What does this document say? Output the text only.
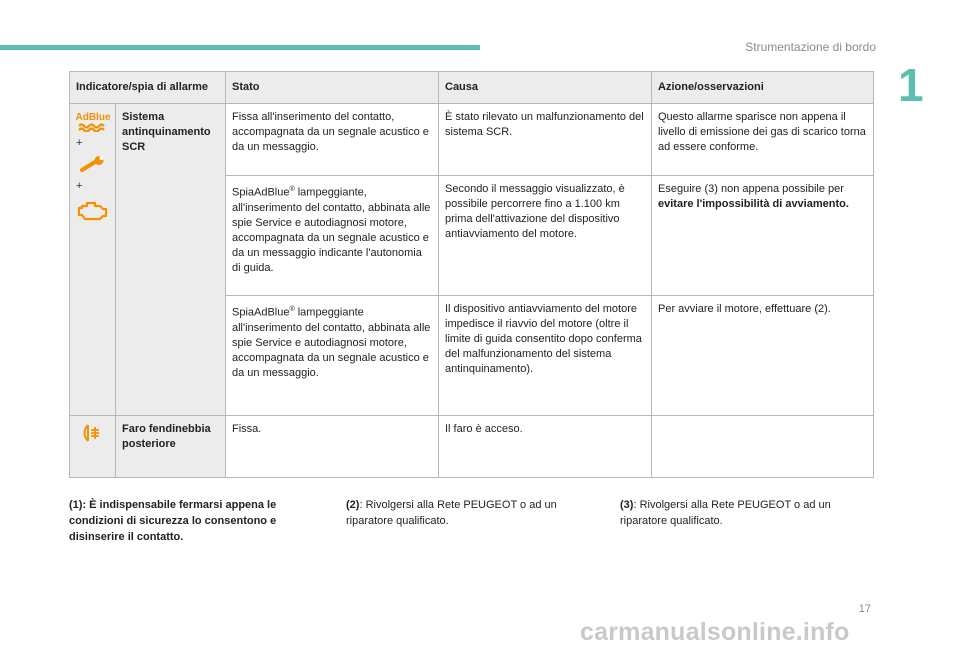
Strumentazione di bordo
1
Indicatore/spia di allarme		Stato	Causa	Azione/osservazioni

AdBlue
+
+	Sistema antinquinamento SCR	Fissa all'inserimento del contatto, accompagnata da un segnale acustico e da un messaggio.	È stato rilevato un malfunzionamento del sistema SCR.	Questo allarme sparisce non appena il livello di emissione dei gas di scarico torna ad essere conforme.
		SpiaAdBlue® lampeggiante, all'inserimento del contatto, abbinata alle spie Service e autodiagnosi motore, accompagnata da un segnale acustico e da un messaggio indicante l'autonomia di guida.	Secondo il messaggio visualizzato, è possibile percorrere fino a 1.100 km prima dell'attivazione del dispositivo antiavviamento del motore.	Eseguire (3) non appena possibile per evitare l'impossibilità di avviamento.
		SpiaAdBlue® lampeggiante all'inserimento del contatto, abbinata alle spie Service e autodiagnosi motore, accompagnata da un segnale acustico e da un messaggio.	Il dispositivo antiavviamento del motore impedisce il riavvio del motore (oltre il limite di guida consentito dopo conferma del malfunzionamento del sistema antinquinamento).	Per avviare il motore, effettuare (2).

	Faro fendinebbia posteriore	Fissa.	Il faro è acceso.	
(1): È indispensabile fermarsi appena le condizioni di sicurezza lo consentono e disinserire il contatto.
(2): Rivolgersi alla Rete PEUGEOT o ad un riparatore qualificato.
(3): Rivolgersi alla Rete PEUGEOT o ad un riparatore qualificato.
17
carmanualsonline.info
